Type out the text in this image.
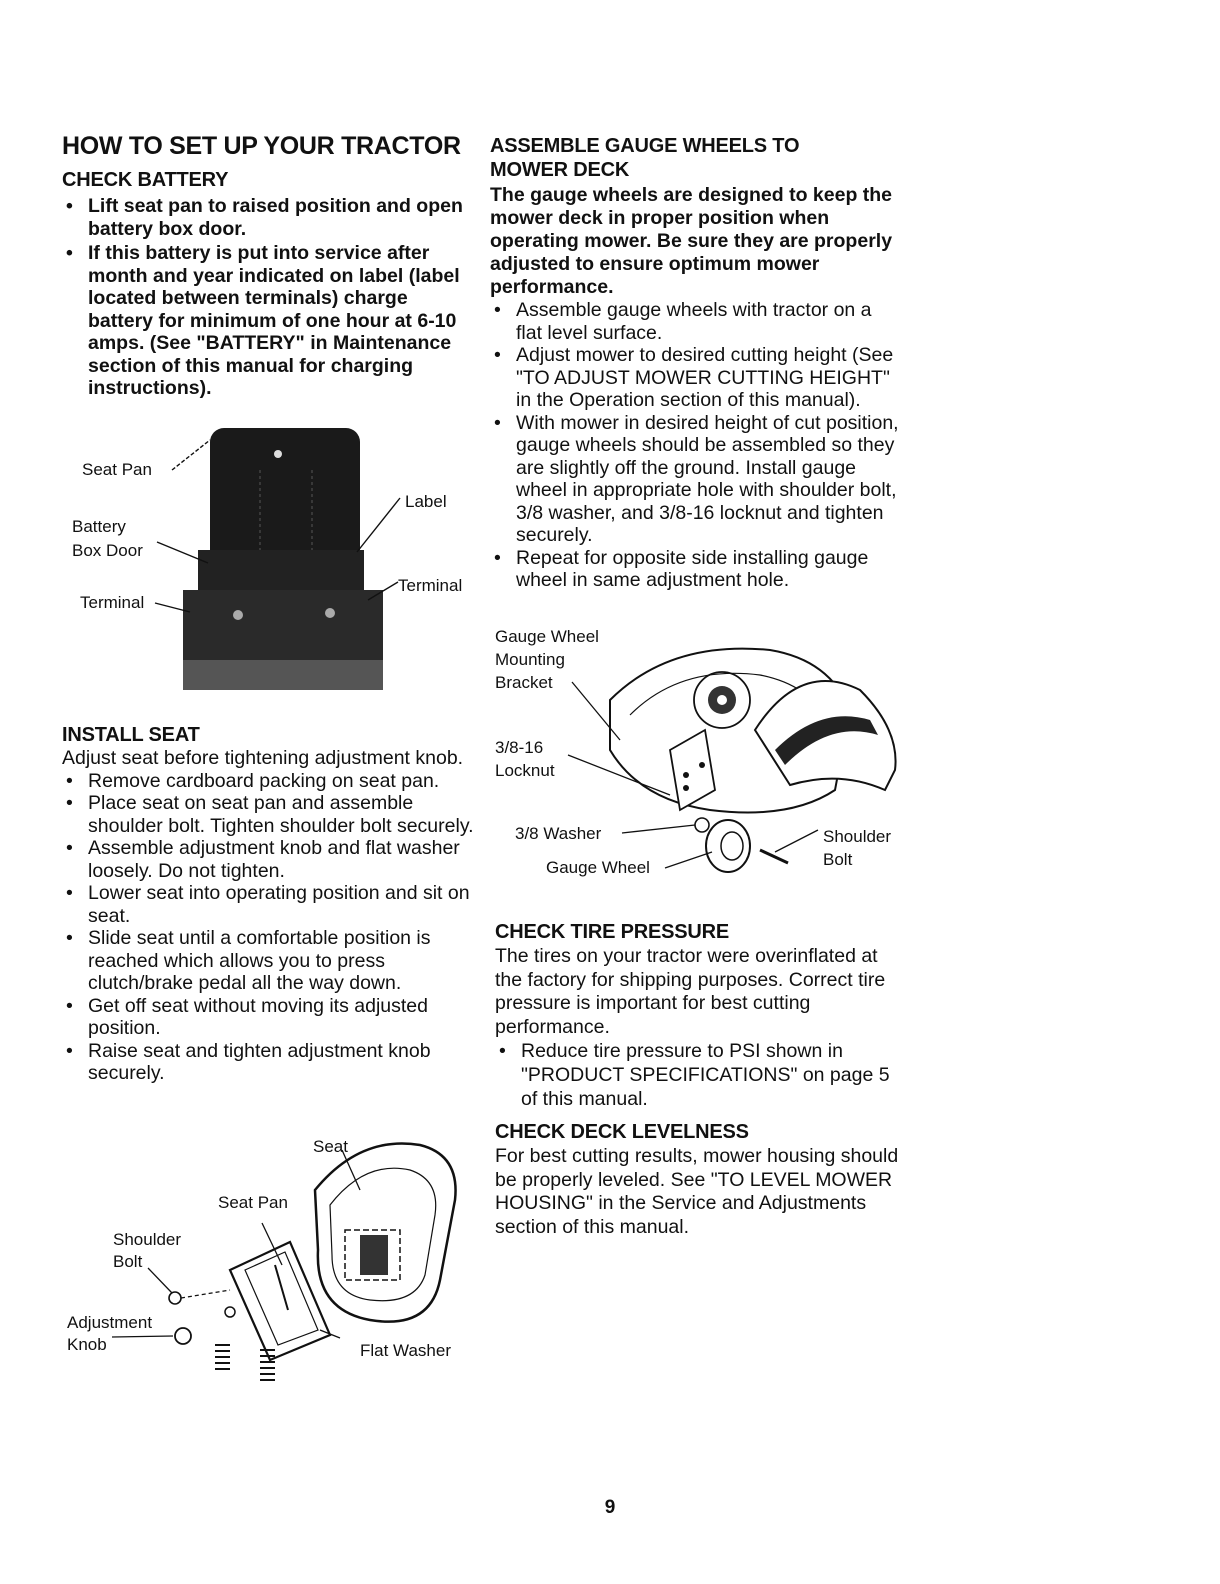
HOW TO SET UP YOUR TRACTOR
CHECK BATTERY
• Lift seat pan to raised position and open battery box door.
• If this battery is put into service after month and year indicated on label (label located between terminals) charge battery for minimum of one hour at 6-10 amps. (See "BATTERY" in Maintenance section of this manual for charging instructions).
Seat Pan
Battery
Box Door
Terminal
Label
Terminal
INSTALL SEAT

Adjust seat before tightening adjustment knob.

• Remove cardboard packing on seat pan.
• Place seat on seat pan and assemble shoulder bolt. Tighten shoulder bolt securely.
• Assemble adjustment knob and flat washer loosely. Do not tighten.
• Lower seat into operating position and sit on seat.
• Slide seat until a comfortable position is reached which allows you to press clutch/brake pedal all the way down.
• Get off seat without moving its adjusted position.
• Raise seat and tighten adjustment knob securely.
Seat
Seat Pan
Shoulder
Bolt
Adjustment
Knob	Flat Washer
ASSEMBLE GAUGE WHEELS TO
MOWER DECK

The gauge wheels are designed to keep the mower deck in proper position when operating mower. Be sure they are properly adjusted to ensure optimum mower performance.

• Assemble gauge wheels with tractor on a flat level surface.
• Adjust mower to desired cutting height (See "TO ADJUST MOWER CUTTING HEIGHT" in the Operation section of this manual).
• With mower in desired height of cut position, gauge wheels should be assembled so they are slightly off the ground. Install gauge wheel in appropriate hole with shoulder bolt, 3/8 washer, and 3/8-16 locknut and tighten securely.
• Repeat for opposite side installing gauge wheel in same adjustment hole.
Gauge Wheel
Mounting
Bracket
3/8-16
Locknut
3/8 Washer
Gauge Wheel
Shoulder
Bolt
CHECK TIRE PRESSURE

The tires on your tractor were overinflated at the factory for shipping purposes. Correct tire pressure is important for best cutting performance.

• Reduce tire pressure to PSI shown in "PRODUCT SPECIFICATIONS" on page 5 of this manual.
CHECK DECK LEVELNESS

For best cutting results, mower housing should be properly leveled. See "TO LEVEL MOWER HOUSING" in the Service and Adjustments section of this manual.

9
